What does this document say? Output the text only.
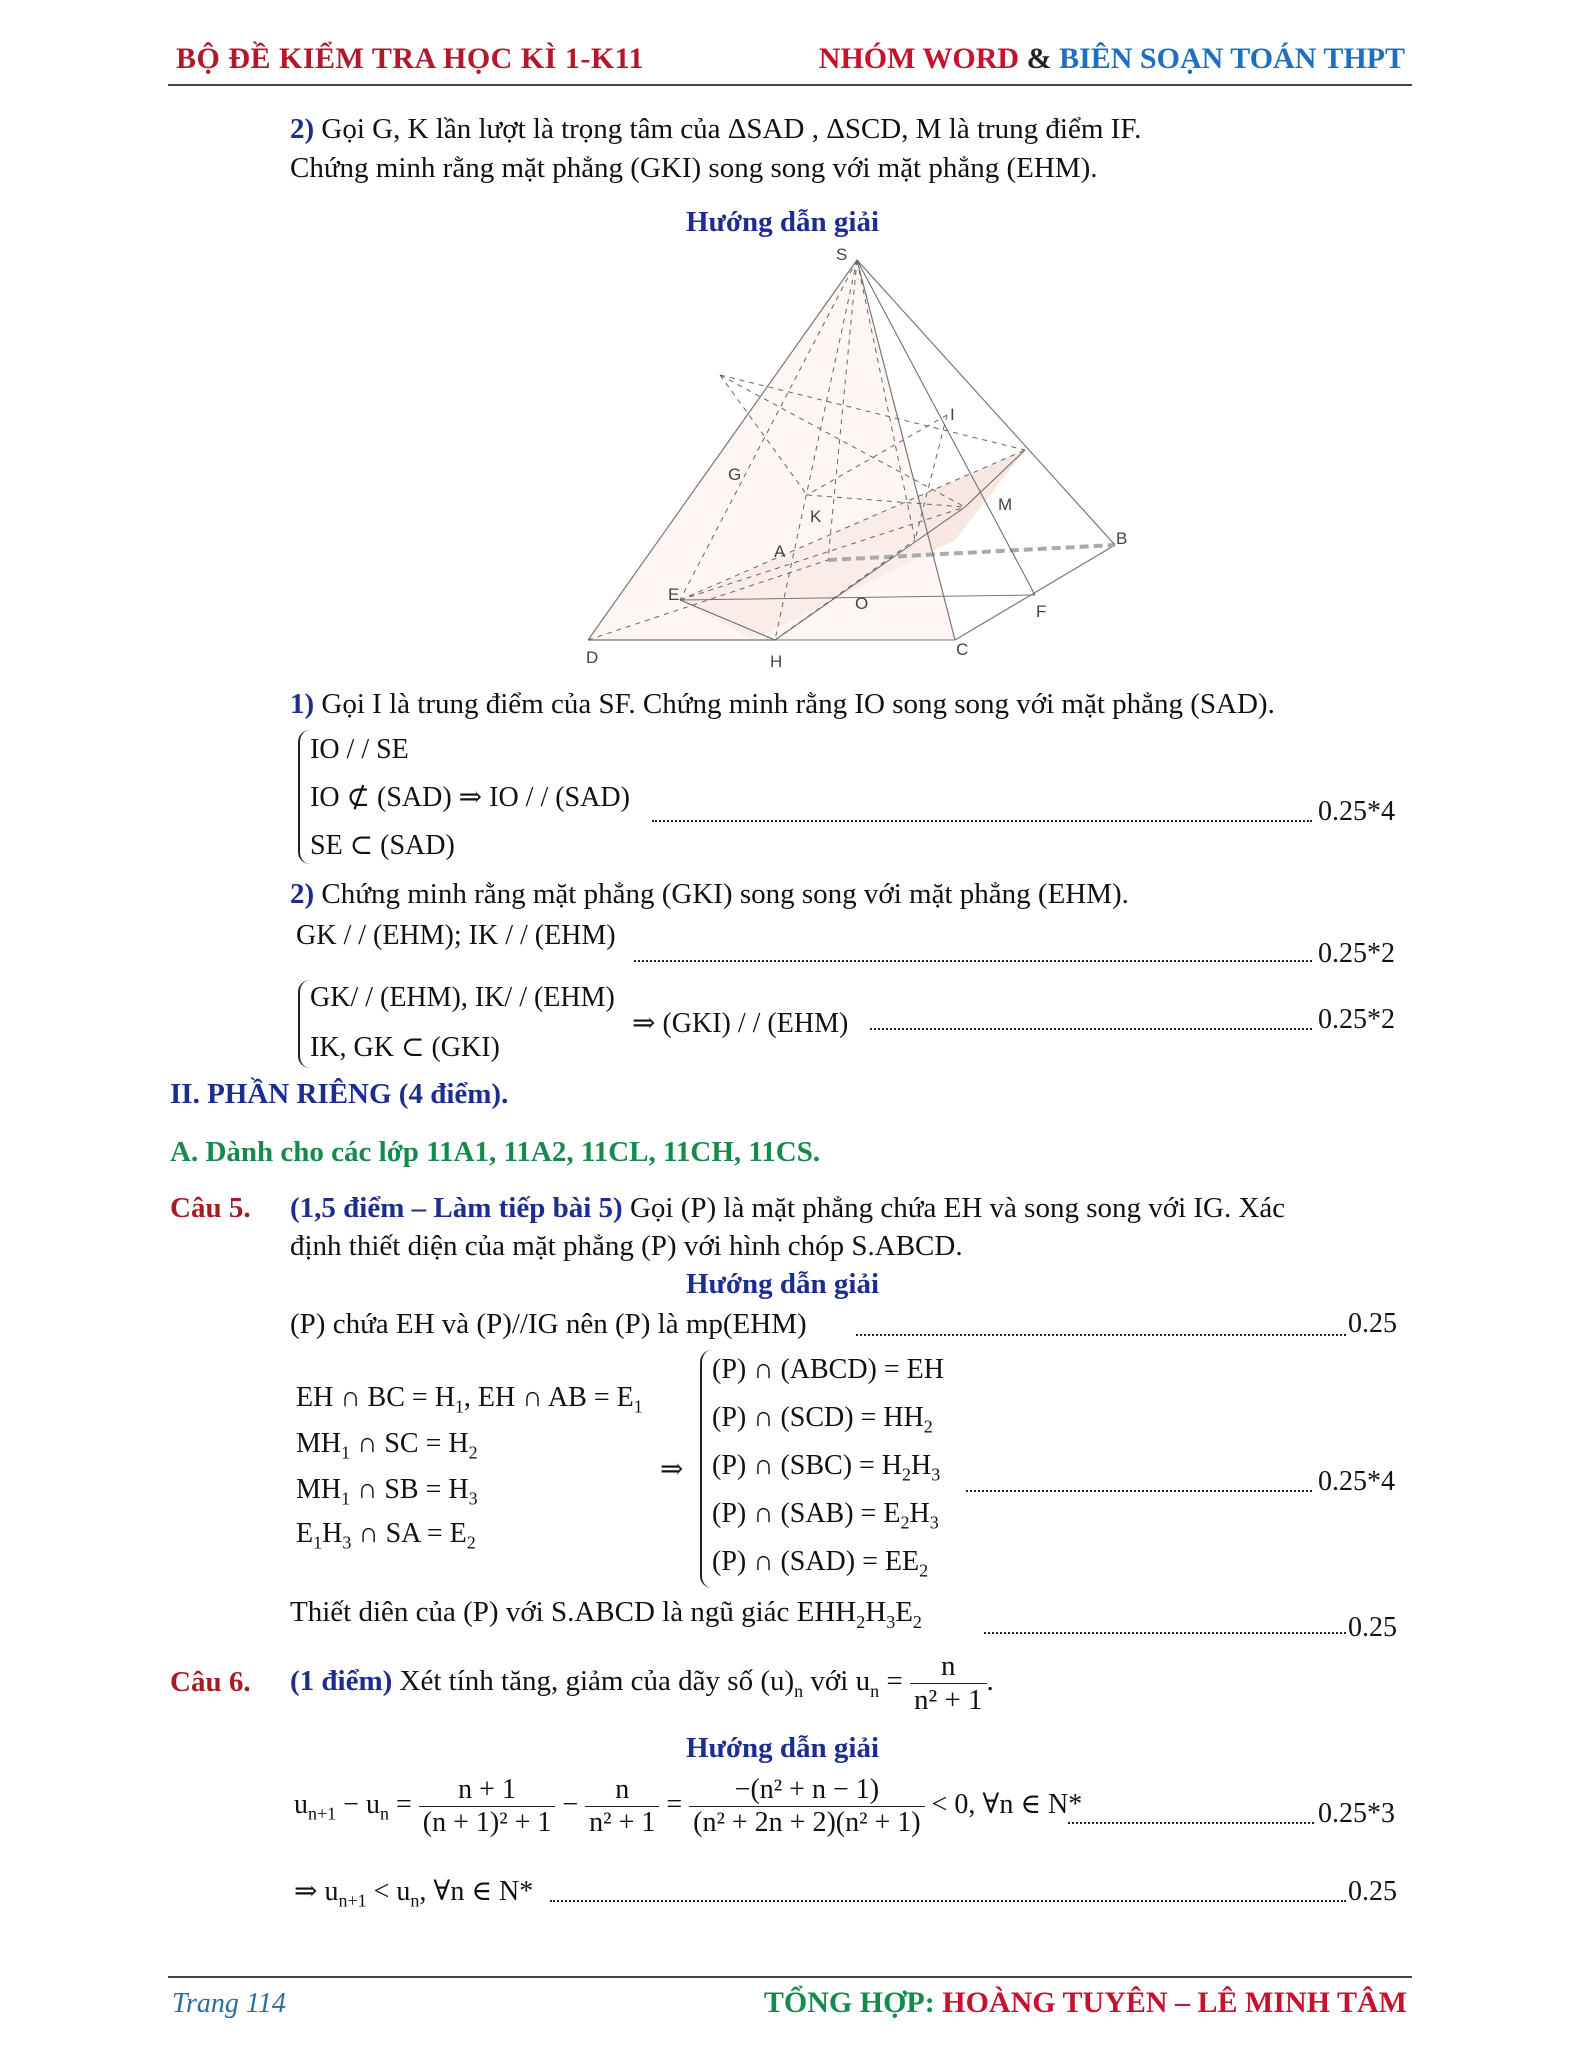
BỘ ĐỀ KIỂM TRA HỌC KÌ 1-K11	NHÓM WORD & BIÊN SOẠN TOÁN THPT
2) Gọi G, K lần lượt là trọng tâm của ΔSAD , ΔSCD, M là trung điểm IF.
Chứng minh rằng mặt phẳng (GKI) song song với mặt phẳng (EHM).
Hướng dẫn giải
S
I
G
K
M
A
B
E	O	F
D	H
C
1) Gọi I là trung điểm của SF. Chứng minh rằng IO song song với mặt phẳng (SAD).
IO / / SE
IO ⊄ (SAD) ⇒ IO / / (SAD)
SE ⊂ (SAD)
0.25*4
2) Chứng minh rằng mặt phẳng (GKI) song song với mặt phẳng (EHM).
GK / / (EHM); IK / / (EHM)
0.25*2
GK/ / (EHM), IK/ / (EHM)
IK, GK ⊂ (GKI)
⇒ (GKI) / / (EHM)	0.25*2
II. PHẦN RIÊNG (4 điểm).
A. Dành cho các lớp 11A1, 11A2, 11CL, 11CH, 11CS.
Câu 5. (1,5 điểm – Làm tiếp bài 5) Gọi (P) là mặt phẳng chứa EH và song song với IG. Xác
định thiết diện của mặt phẳng (P) với hình chóp S.ABCD.
Hướng dẫn giải
(P) chứa EH và (P)//IG nên (P) là mp(EHM)	0.25
EH ∩ BC = $H_1$, EH ∩ AB = $E_1$
$MH_1$ ∩ SC = $H_2$
$MH_1$ ∩ SB = $H_3$
$E_1H_3$ ∩ SA = $E_2$
⇒
(P) ∩ (ABCD) = EH
(P) ∩ $(SCD) = HH_2$
(P) ∩ $(SBC) = H_2H_3$
(P) ∩ $(SAB) = E_2H_3$
(P) ∩ $(SAD) = EE_2$
0.25*4
Thiết diên của (P) với S.ABCD là ngũ giác $EHH_2H_3E_2$	0.25
Câu 6. (1 điểm) Xét tính tăng, giảm của dãy số $(u)_n$ với $u_n = \frac{n}{\text{n² + 1}}$ .
Hướng dẫn giải
$u_{n+1} - u_n = \frac{n + 1}{\text{(n + 1)² + 1}} - \frac{n}{\text{n² + 1}} = \frac{\text{−(n² + n − 1)}}{\text{(n² + 2n + 2)(n² + 1)}} < 0$, ∀n ∈ N*	0.25*3
⇒ $u_{n+1} < u_n$, ∀n ∈ N*	0.25
Trang 114	TỔNG HỢP: HOÀNG TUYÊN – LÊ MINH TÂM
